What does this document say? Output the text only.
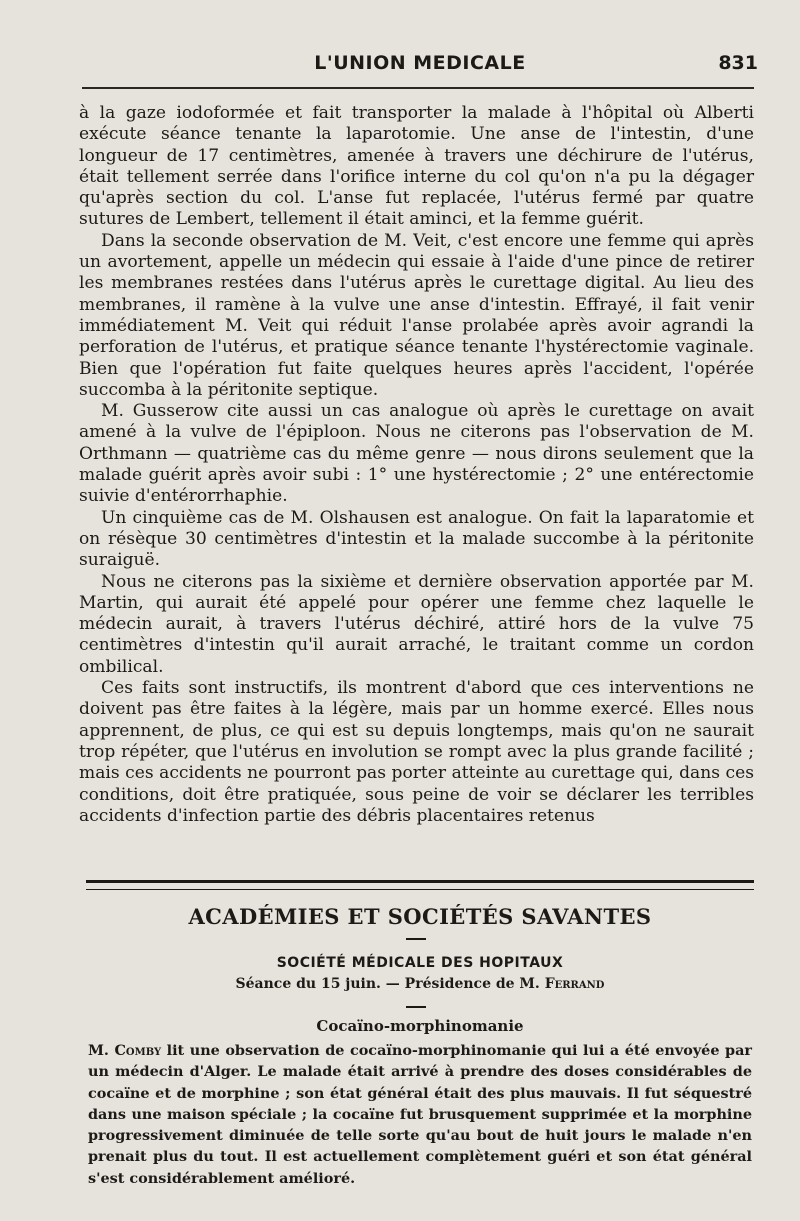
L'UNION MEDICALE	831

à la gaze iodoformée et fait transporter la malade à l'hôpital où Alberti exécute séance tenante la laparotomie. Une anse de l'intestin, d'une longueur de 17 centimètres, amenée à travers une déchirure de l'utérus, était tellement serrée dans l'orifice interne du col qu'on n'a pu la dégager qu'après section du col. L'anse fut replacée, l'utérus fermé par quatre sutures de Lembert, tellement il était aminci, et la femme guérit.

Dans la seconde observation de M. Veit, c'est encore une femme qui après un avortement, appelle un médecin qui essaie à l'aide d'une pince de retirer les membranes restées dans l'utérus après le curettage digital. Au lieu des membranes, il ramène à la vulve une anse d'intestin. Effrayé, il fait venir immédiatement M. Veit qui réduit l'anse prolabée après avoir agrandi la perforation de l'utérus, et pratique séance tenante l'hystérectomie vaginale. Bien que l'opération fut faite quelques heures après l'accident, l'opérée succomba à la péritonite septique.

M. Gusserow cite aussi un cas analogue où après le curettage on avait amené à la vulve de l'épiploon. Nous ne citerons pas l'observation de M. Orthmann — quatrième cas du même genre — nous dirons seulement que la malade guérit après avoir subi : 1° une hystérectomie ; 2° une entérectomie suivie d'entérorrhaphie.

Un cinquième cas de M. Olshausen est analogue. On fait la laparatomie et on résèque 30 centimètres d'intestin et la malade succombe à la péritonite suraiguë.

Nous ne citerons pas la sixième et dernière observation apportée par M. Martin, qui aurait été appelé pour opérer une femme chez laquelle le médecin aurait, à travers l'utérus déchiré, attiré hors de la vulve 75 centimètres d'intestin qu'il aurait arraché, le traitant comme un cordon ombilical.

Ces faits sont instructifs, ils montrent d'abord que ces interventions ne doivent pas être faites à la légère, mais par un homme exercé. Elles nous apprennent, de plus, ce qui est su depuis longtemps, mais qu'on ne saurait trop répéter, que l'utérus en involution se rompt avec la plus grande facilité ; mais ces accidents ne pourront pas porter atteinte au curettage qui, dans ces conditions, doit être pratiquée, sous peine de voir se déclarer les terribles accidents d'infection partie des débris placentaires retenus

ACADÉMIES ET SOCIÉTÉS SAVANTES
SOCIÉTÉ MÉDICALE DES HOPITAUX
Séance du 15 juin. — Présidence de M. Ferrand
Cocaïno-morphinomanie

M. Comby lit une observation de cocaïno-morphinomanie qui lui a été envoyée par un médecin d'Alger. Le malade était arrivé à prendre des doses considérables de cocaïne et de morphine ; son état général était des plus mauvais. Il fut séquestré dans une maison spéciale ; la cocaïne fut brusquement supprimée et la morphine progressivement diminuée de telle sorte qu'au bout de huit jours le malade n'en prenait plus du tout. Il est actuellement complètement guéri et son état général s'est considérablement amélioré.
